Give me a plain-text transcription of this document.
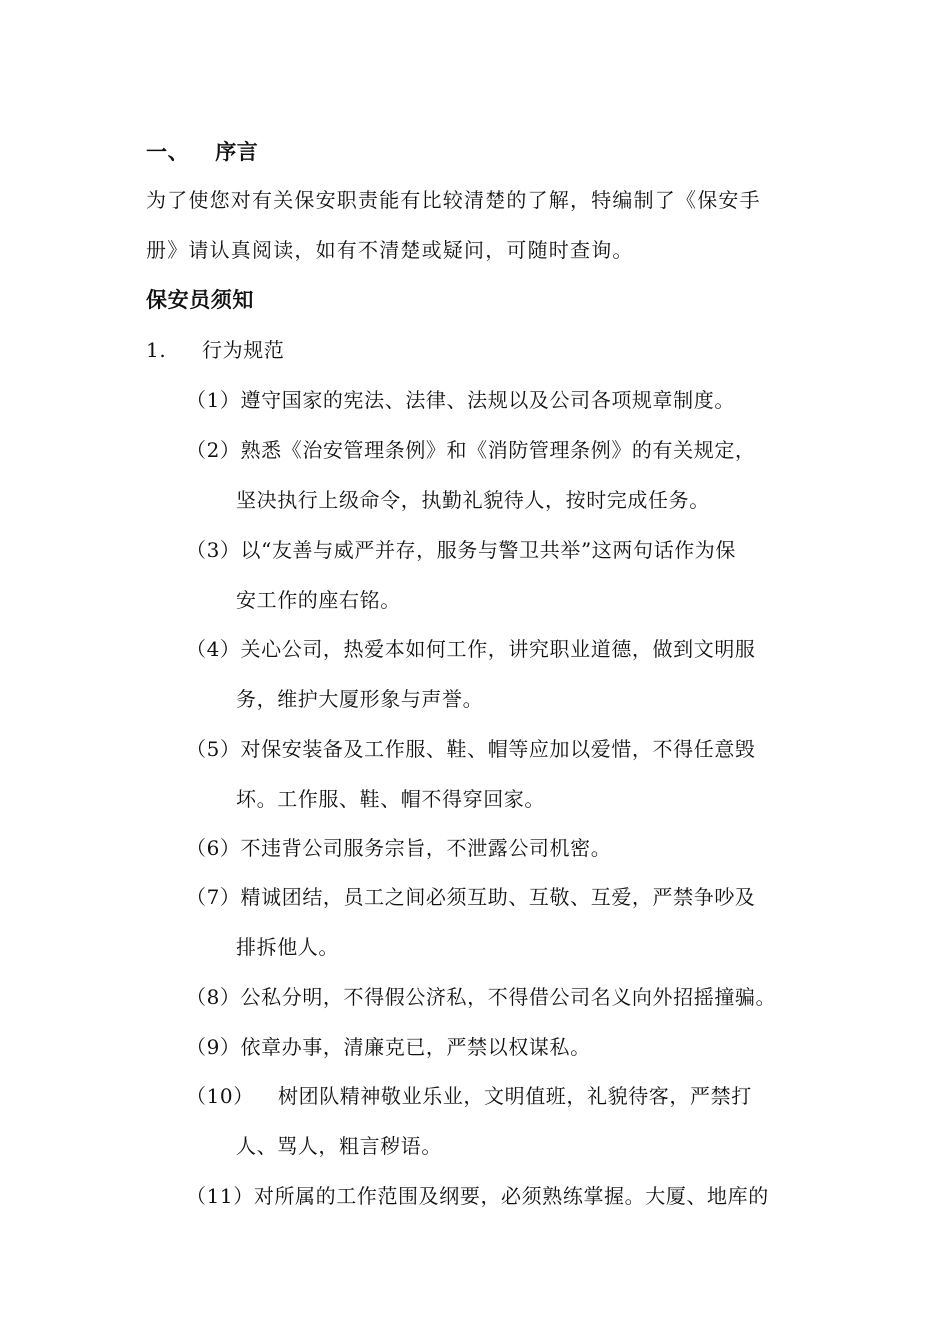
一、 序言
为了使您对有关保安职责能有比较清楚的了解，特编制了《保安手
册》请认真阅读，如有不清楚或疑问，可随时查询。
保安员须知
1. 行为规范
（1）遵守国家的宪法、法律、法规以及公司各项规章制度。
（2）熟悉《治安管理条例》和《消防管理条例》的有关规定，
坚决执行上级命令，执勤礼貌待人，按时完成任务。
（3）以“友善与威严并存，服务与警卫共举”这两句话作为保
安工作的座右铭。
（4）关心公司，热爱本如何工作，讲究职业道德，做到文明服
务，维护大厦形象与声誉。
（5）对保安装备及工作服、鞋、帽等应加以爱惜，不得任意毁
坏。工作服、鞋、帽不得穿回家。
（6）不违背公司服务宗旨，不泄露公司机密。
（7）精诚团结，员工之间必须互助、互敬、互爱，严禁争吵及
排拆他人。
（8）公私分明，不得假公济私，不得借公司名义向外招摇撞骗。
（9）依章办事，清廉克已，严禁以权谋私。
（10） 树团队精神敬业乐业，文明值班，礼貌待客，严禁打
人、骂人，粗言秽语。
（11）对所属的工作范围及纲要，必须熟练掌握。大厦、地库的
